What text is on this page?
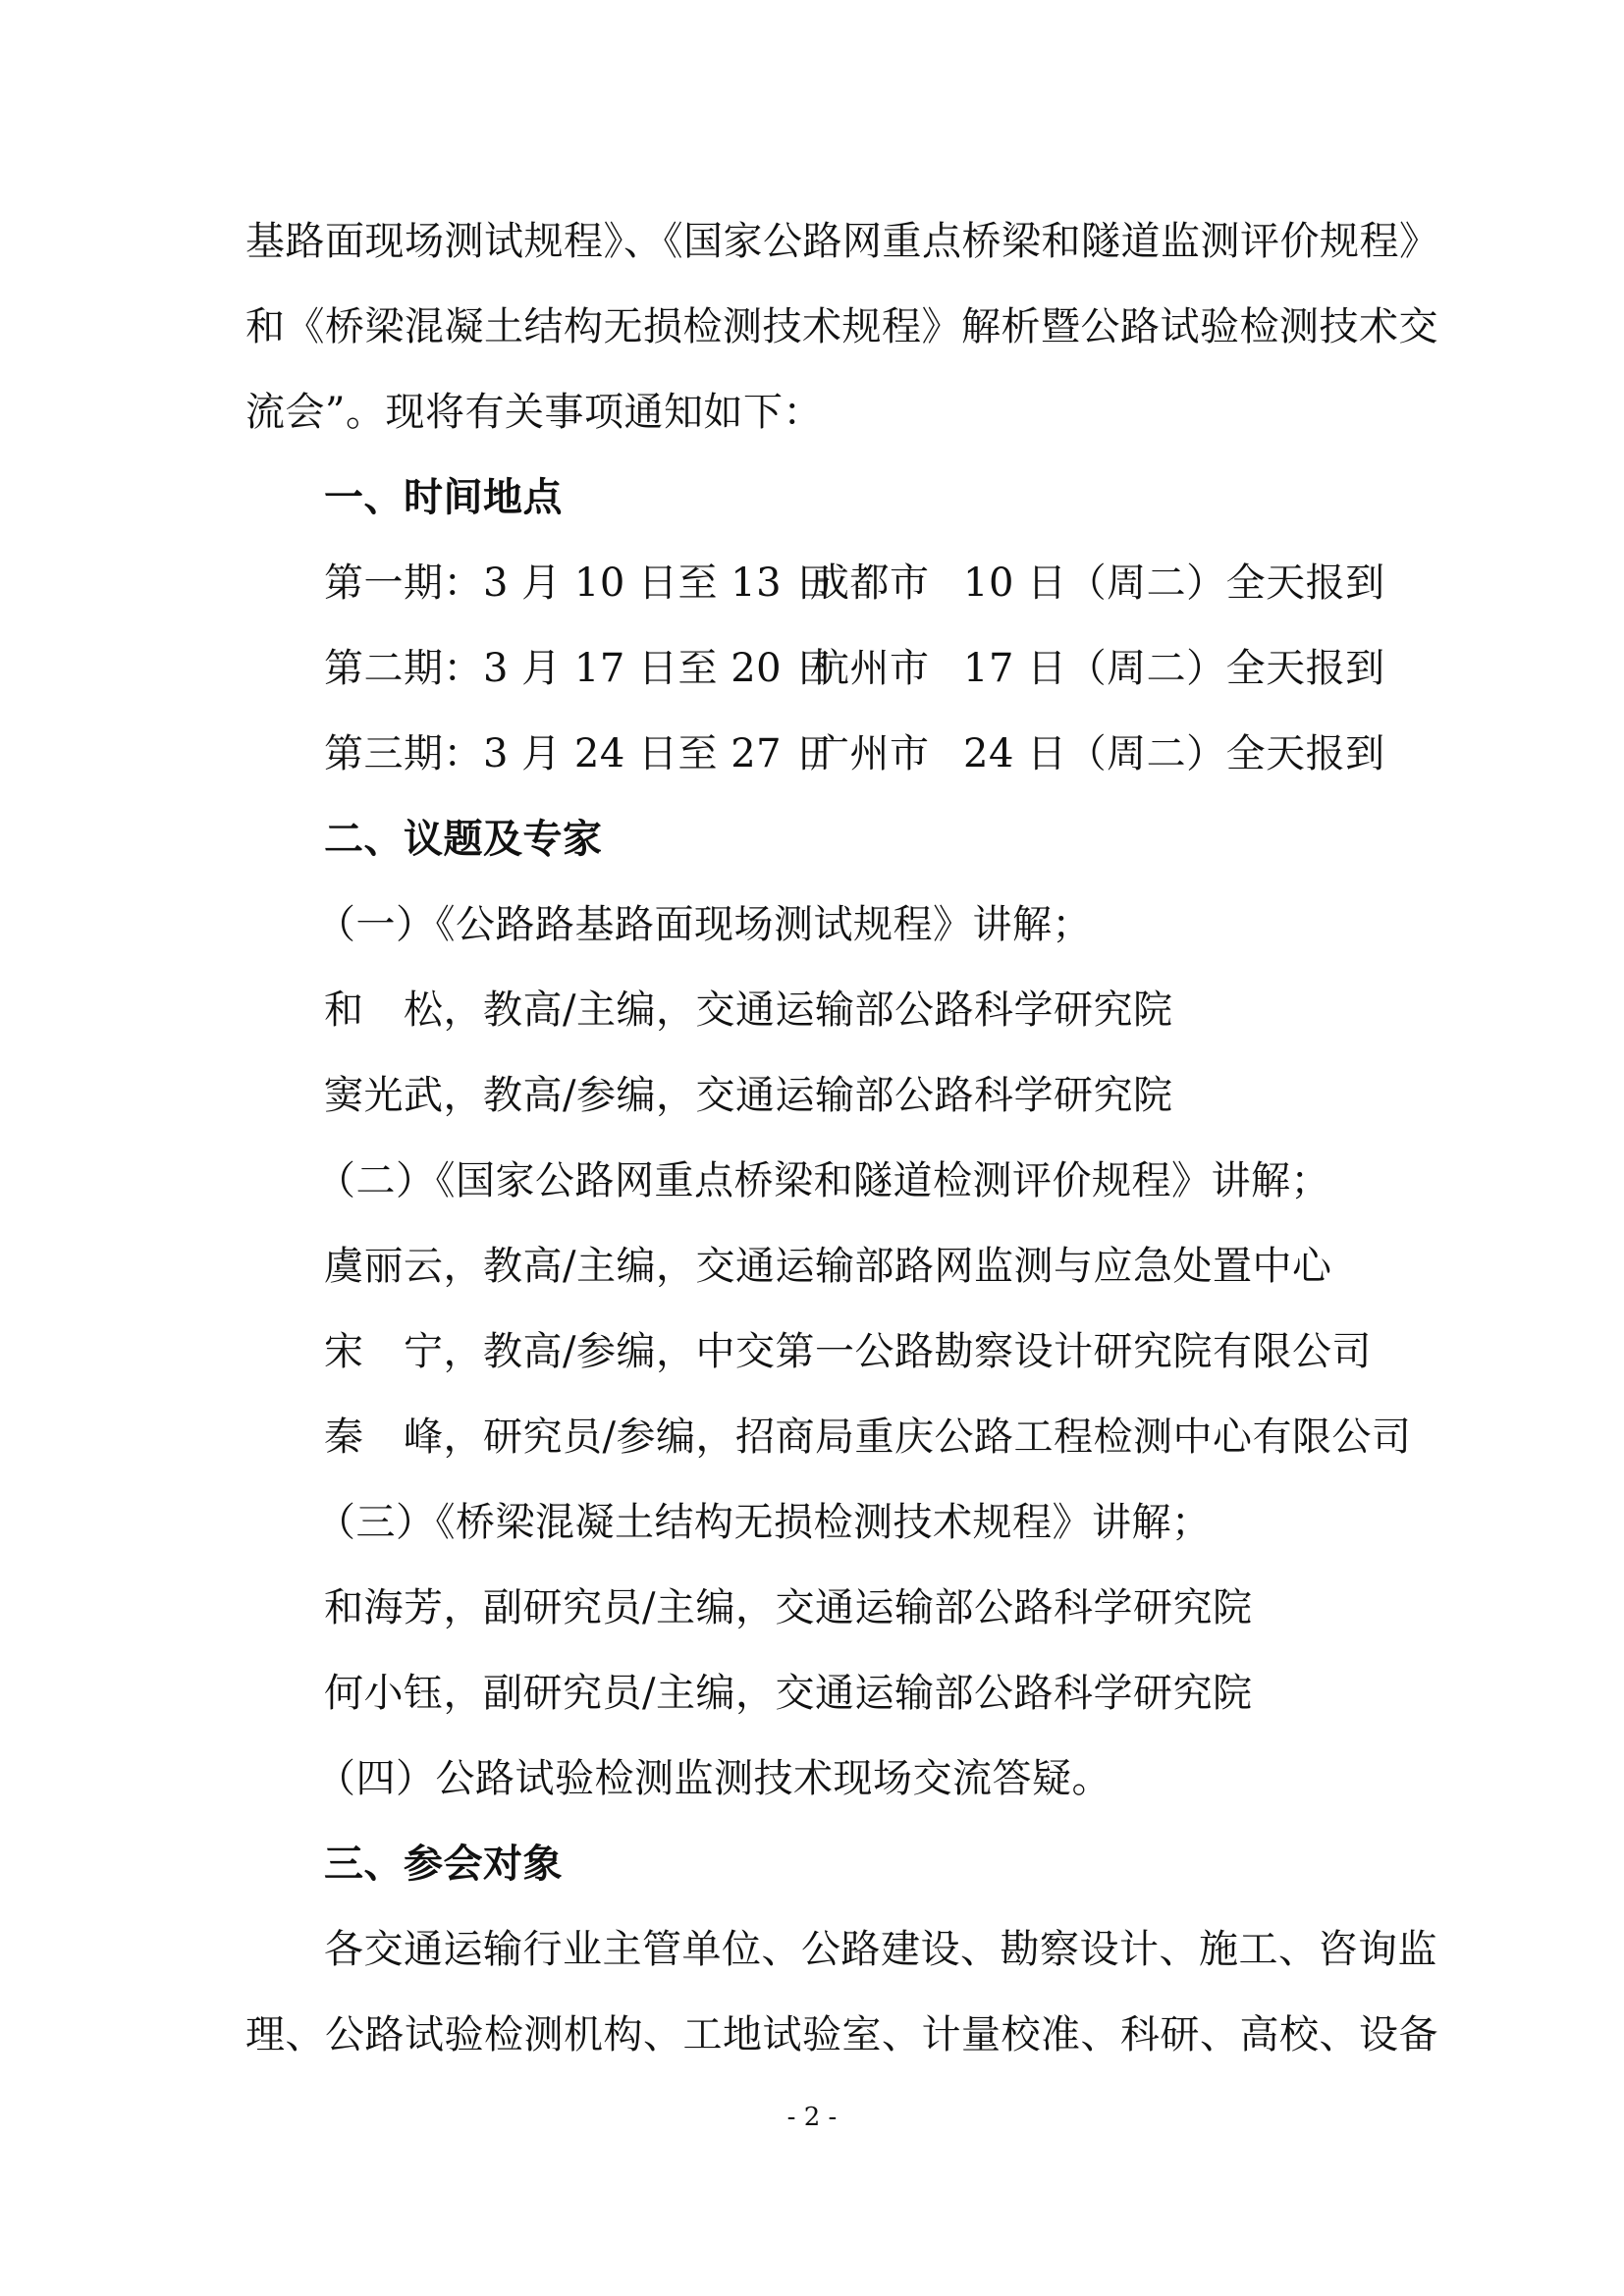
基路面现场测试规程》、《国家公路网重点桥梁和隧道监测评价规程》
和《桥梁混凝土结构无损检测技术规程》解析暨公路试验检测技术交
流会”。现将有关事项通知如下：
一、时间地点
第一期：3 月 10 日至 13 日成都市 10 日（周二）全天报到
第二期：3 月 17 日至 20 日杭州市 17 日（周二）全天报到
第三期：3 月 24 日至 27 日广州市 24 日（周二）全天报到
二、议题及专家
（一）《公路路基路面现场测试规程》讲解；
和　松，教高/主编，交通运输部公路科学研究院
窦光武，教高/参编，交通运输部公路科学研究院
（二）《国家公路网重点桥梁和隧道检测评价规程》讲解；
虞丽云，教高/主编，交通运输部路网监测与应急处置中心
宋　宁，教高/参编，中交第一公路勘察设计研究院有限公司
秦　峰，研究员/参编，招商局重庆公路工程检测中心有限公司
（三）《桥梁混凝土结构无损检测技术规程》讲解；
和海芳，副研究员/主编，交通运输部公路科学研究院
何小钰，副研究员/主编，交通运输部公路科学研究院
（四）公路试验检测监测技术现场交流答疑。
三、参会对象
各交通运输行业主管单位、公路建设、勘察设计、施工、咨询监
理、公路试验检测机构、工地试验室、计量校准、科研、高校、设备
- 2 -
